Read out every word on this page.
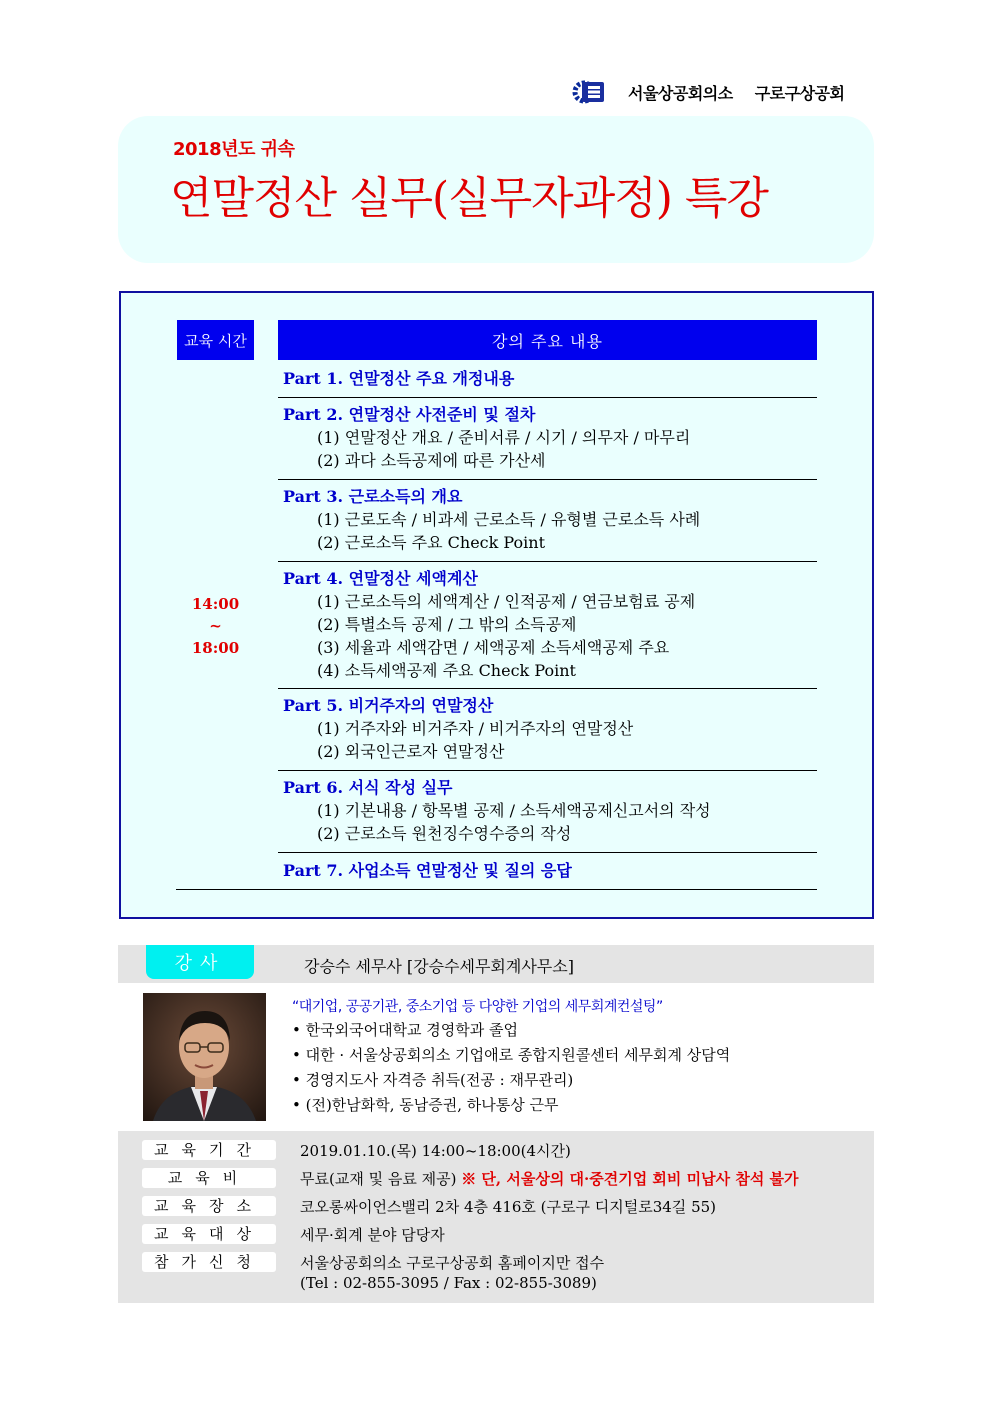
서울상공회의소 구로구상공회
2018년도 귀속
연말정산 실무(실무자과정) 특강
교육 시간	강의 주요 내용
14:00
~
18:00
Part 1. 연말정산 주요 개정내용
Part 2. 연말정산 사전준비 및 절차
(1) 연말정산 개요 / 준비서류 / 시기 / 의무자 / 마무리
(2) 과다 소득공제에 따른 가산세
Part 3. 근로소득의 개요
(1) 근로도속 / 비과세 근로소득 / 유형별 근로소득 사례
(2) 근로소득 주요 Check Point
Part 4. 연말정산 세액계산
(1) 근로소득의 세액계산 / 인적공제 / 연금보험료 공제
(2) 특별소득 공제 / 그 밖의 소득공제
(3) 세율과 세액감면 / 세액공제 소득세액공제 주요
(4) 소득세액공제 주요 Check Point
Part 5. 비거주자의 연말정산
(1) 거주자와 비거주자 / 비거주자의 연말정산
(2) 외국인근로자 연말정산
Part 6. 서식 작성 실무
(1) 기본내용 / 항목별 공제 / 소득세액공제신고서의 작성
(2) 근로소득 원천징수영수증의 작성
Part 7. 사업소득 연말정산 및 질의 응답
강사	강승수 세무사 [강승수세무회계사무소]
“대기업, 공공기관, 중소기업 등 다양한 기업의 세무회계컨설팅”
• 한국외국어대학교 경영학과 졸업
• 대한 · 서울상공회의소 기업애로 종합지원콜센터 세무회계 상담역
• 경영지도사 자격증 취득(전공 : 재무관리)
• (전)한남화학, 동남증권, 하나통상 근무
교육기간	2019.01.10.(목) 14:00~18:00(4시간)
교육비	무료(교재 및 음료 제공) ※ 단, 서울상의 대·중견기업 회비 미납사 참석 불가
교육장소	코오롱싸이언스밸리 2차 4층 416호 (구로구 디지털로34길 55)
교육대상	세무·회계 분야 담당자
참가신청	서울상공회의소 구로구상공회 홈페이지만 접수
(Tel : 02-855-3095 / Fax : 02-855-3089)
